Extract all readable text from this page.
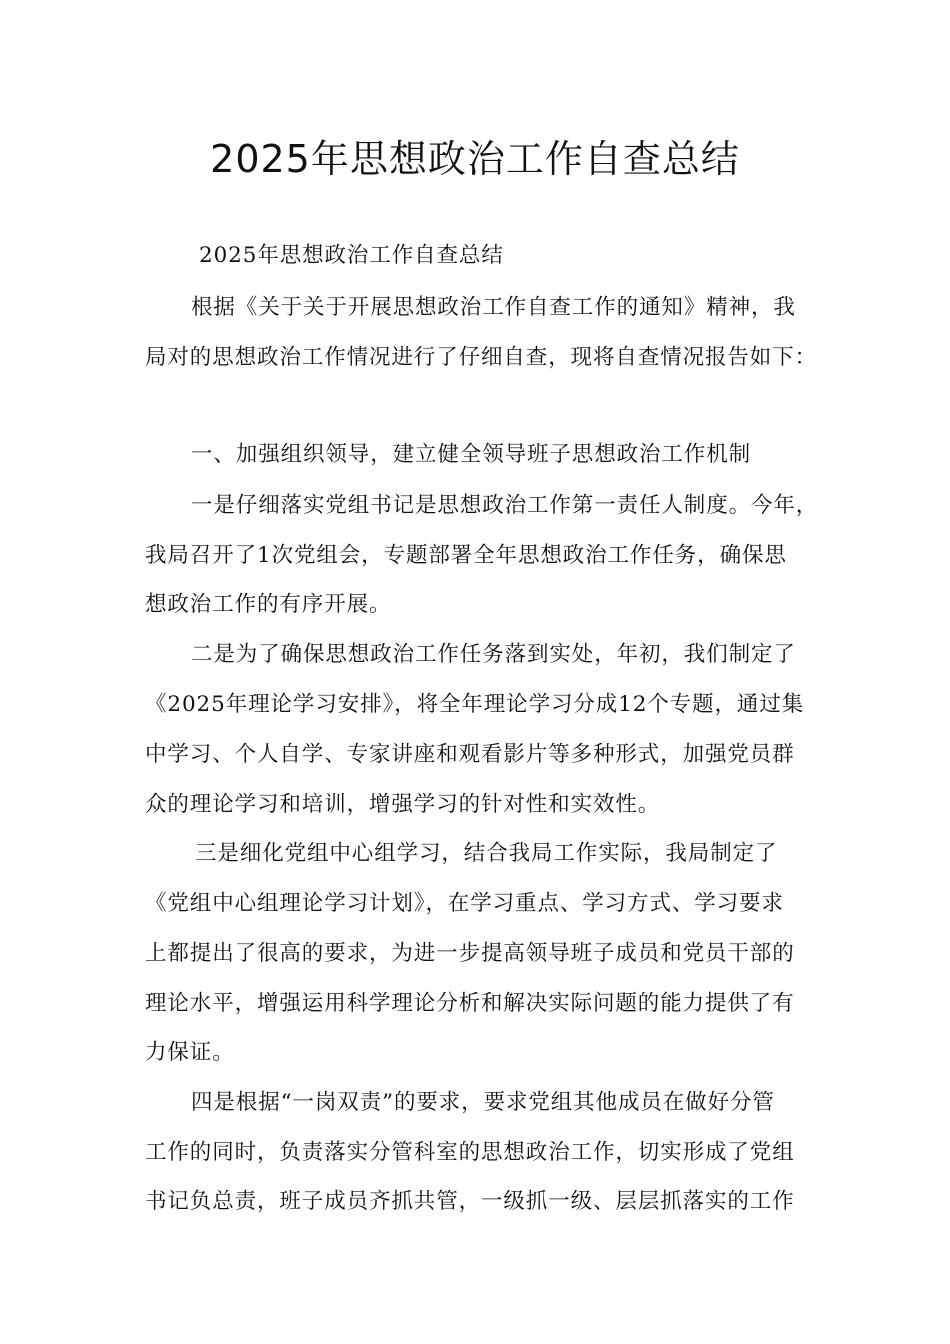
2025年思想政治工作自查总结
2025年思想政治工作自查总结
根据《关于关于开展思想政治工作自查工作的通知》精神，我
局对的思想政治工作情况进行了仔细自查，现将自查情况报告如下：
一、加强组织领导，建立健全领导班子思想政治工作机制
一是仔细落实党组书记是思想政治工作第一责任人制度。今年，
我局召开了1次党组会，专题部署全年思想政治工作任务，确保思
想政治工作的有序开展。
二是为了确保思想政治工作任务落到实处，年初，我们制定了
《2025年理论学习安排》，将全年理论学习分成12个专题，通过集
中学习、个人自学、专家讲座和观看影片等多种形式，加强党员群
众的理论学习和培训，增强学习的针对性和实效性。
三是细化党组中心组学习，结合我局工作实际，我局制定了
《党组中心组理论学习计划》，在学习重点、学习方式、学习要求
上都提出了很高的要求，为进一步提高领导班子成员和党员干部的
理论水平，增强运用科学理论分析和解决实际问题的能力提供了有
力保证。
四是根据“一岗双责”的要求，要求党组其他成员在做好分管
工作的同时，负责落实分管科室的思想政治工作，切实形成了党组
书记负总责，班子成员齐抓共管，一级抓一级、层层抓落实的工作
